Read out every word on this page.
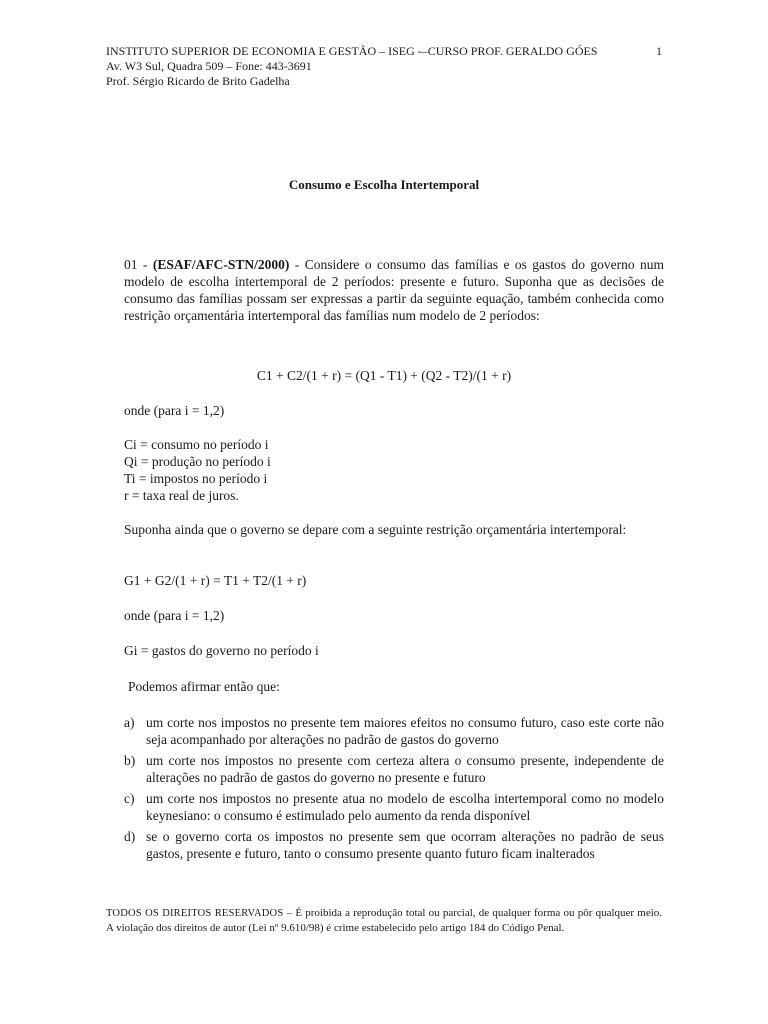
INSTITUTO SUPERIOR DE ECONOMIA E GESTÃO – ISEG -–CURSO PROF. GERALDO GÓES	1
Av. W3 Sul, Quadra 509 – Fone: 443-3691
Prof. Sérgio Ricardo de Brito Gadelha
Consumo e Escolha Intertemporal
01 - (ESAF/AFC-STN/2000) - Considere o consumo das famílias e os gastos do governo num modelo de escolha intertemporal de 2 períodos: presente e futuro. Suponha que as decisões de consumo das famílias possam ser expressas a partir da seguinte equação, também conhecida como restrição orçamentária intertemporal das famílias num modelo de 2 períodos:
C1 + C2/(1 + r) = (Q1 - T1) + (Q2 - T2)/(1 + r)
onde (para i = 1,2)
Ci = consumo no período i
Qi = produção no período i
Ti = impostos no período i
r = taxa real de juros.
Suponha ainda que o governo se depare com a seguinte restrição orçamentária intertemporal:
G1 + G2/(1 + r) = T1 + T2/(1 + r)
onde (para i = 1,2)
Gi = gastos do governo no período i
Podemos afirmar então que:
a) um corte nos impostos no presente tem maiores efeitos no consumo futuro, caso este corte não seja acompanhado por alterações no padrão de gastos do governo
b) um corte nos impostos no presente com certeza altera o consumo presente, independente de alterações no padrão de gastos do governo no presente e futuro
c) um corte nos impostos no presente atua no modelo de escolha intertemporal como no modelo keynesiano: o consumo é estimulado pelo aumento da renda disponível
d) se o governo corta os impostos no presente sem que ocorram alterações no padrão de seus gastos, presente e futuro, tanto o consumo presente quanto futuro ficam inalterados
TODOS OS DIREITOS RESERVADOS – É proibida a reprodução total ou parcial, de qualquer forma ou pôr qualquer meio. A violação dos direitos de autor (Lei nº 9.610/98) é crime estabelecido pelo artigo 184 do Código Penal.
